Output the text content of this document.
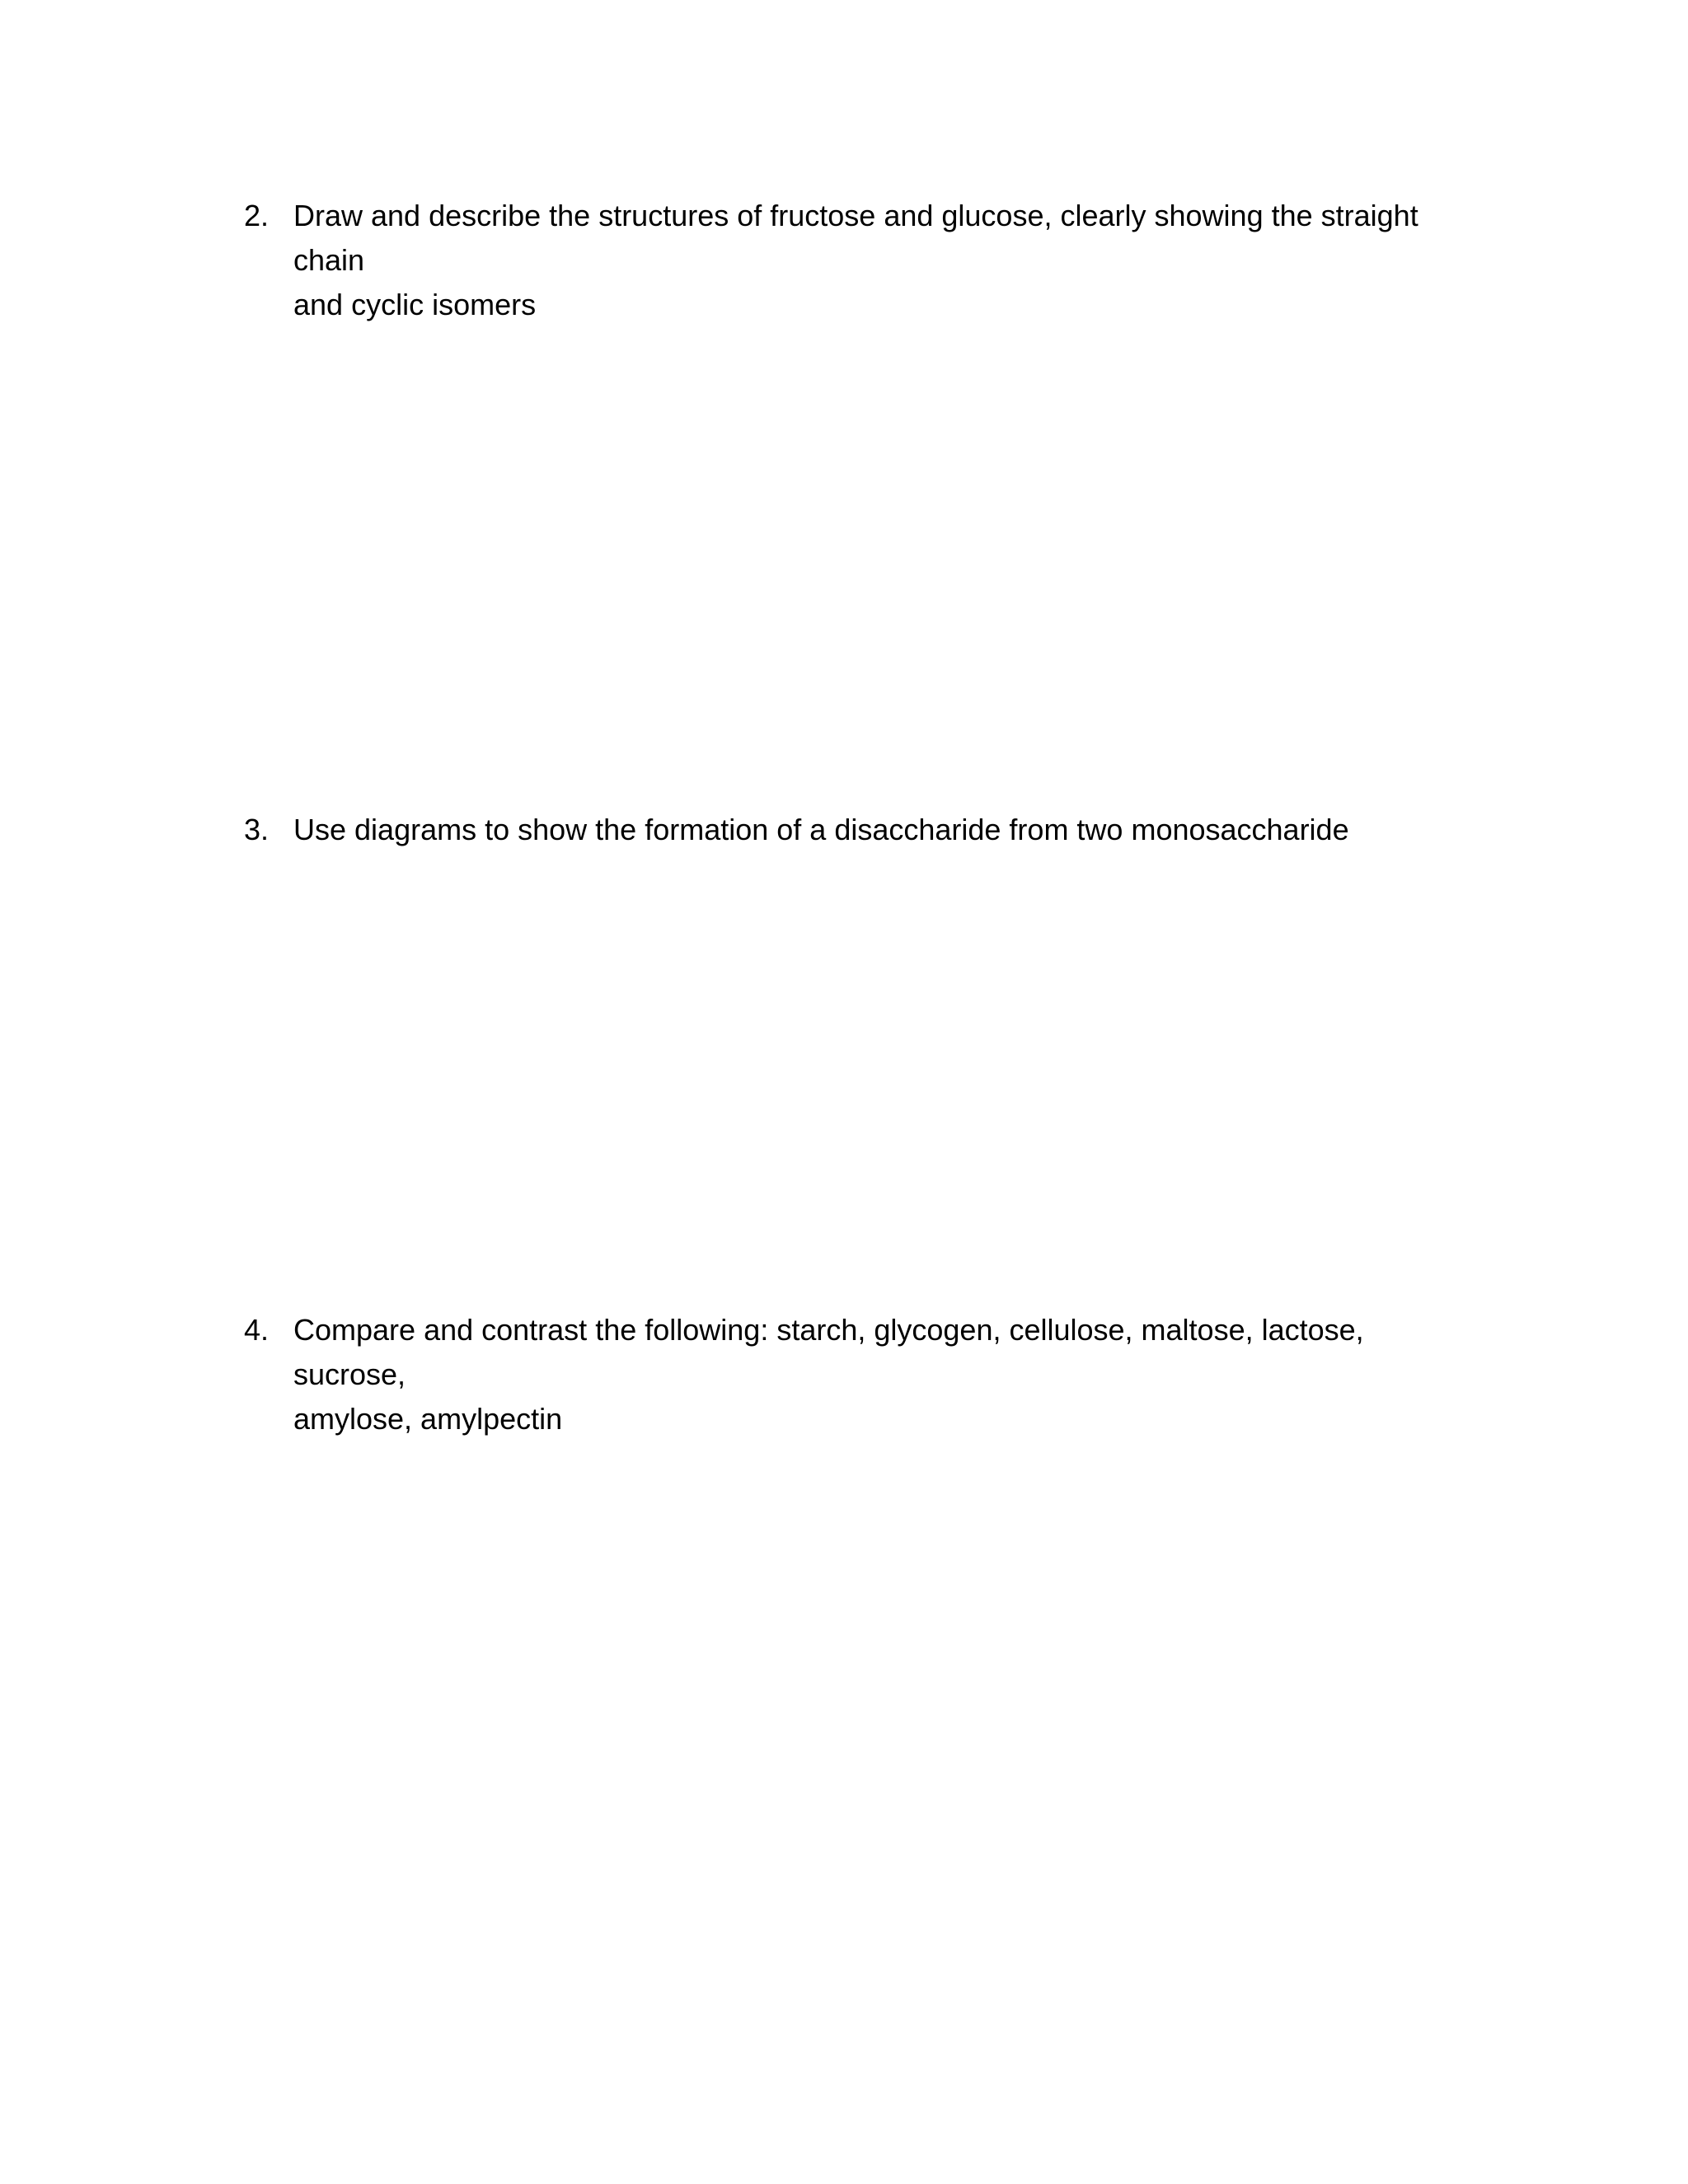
2. Draw and describe the structures of fructose and glucose, clearly showing the straight chain
and cyclic isomers
3. Use diagrams to show the formation of a disaccharide from two monosaccharide
4. Compare and contrast the following: starch, glycogen, cellulose, maltose, lactose, sucrose,
amylose, amylpectin
